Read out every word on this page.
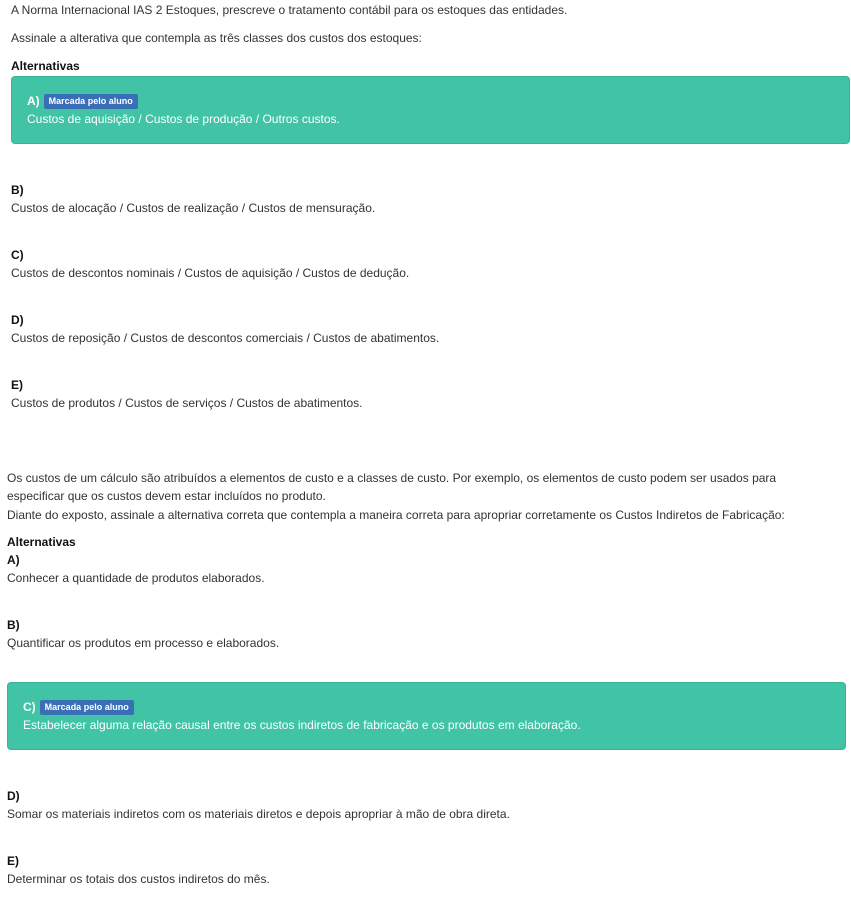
A Norma Internacional IAS 2 Estoques, prescreve o tratamento contábil para os estoques das entidades.

Assinale a alterativa que contempla as três classes dos custos dos estoques:

Alternativas
A) Marcada pelo aluno
Custos de aquisição / Custos de produção / Outros custos.
B)
Custos de alocação / Custos de realização / Custos de mensuração.
C)
Custos de descontos nominais / Custos de aquisição / Custos de dedução.
D)
Custos de reposição / Custos de descontos comerciais / Custos de abatimentos.
E)
Custos de produtos / Custos de serviços / Custos de abatimentos.

Os custos de um cálculo são atribuídos a elementos de custo e a classes de custo. Por exemplo, os elementos de custo podem ser usados para

especificar que os custos devem estar incluídos no produto.

Diante do exposto, assinale a alternativa correta que contempla a maneira correta para apropriar corretamente os Custos Indiretos de Fabricação:

Alternativas
A)
Conhecer a quantidade de produtos elaborados.
B)
Quantificar os produtos em processo e elaborados.
C) Marcada pelo aluno
Estabelecer alguma relação causal entre os custos indiretos de fabricação e os produtos em elaboração.
D)
Somar os materiais indiretos com os materiais diretos e depois apropriar à mão de obra direta.
E)
Determinar os totais dos custos indiretos do mês.
